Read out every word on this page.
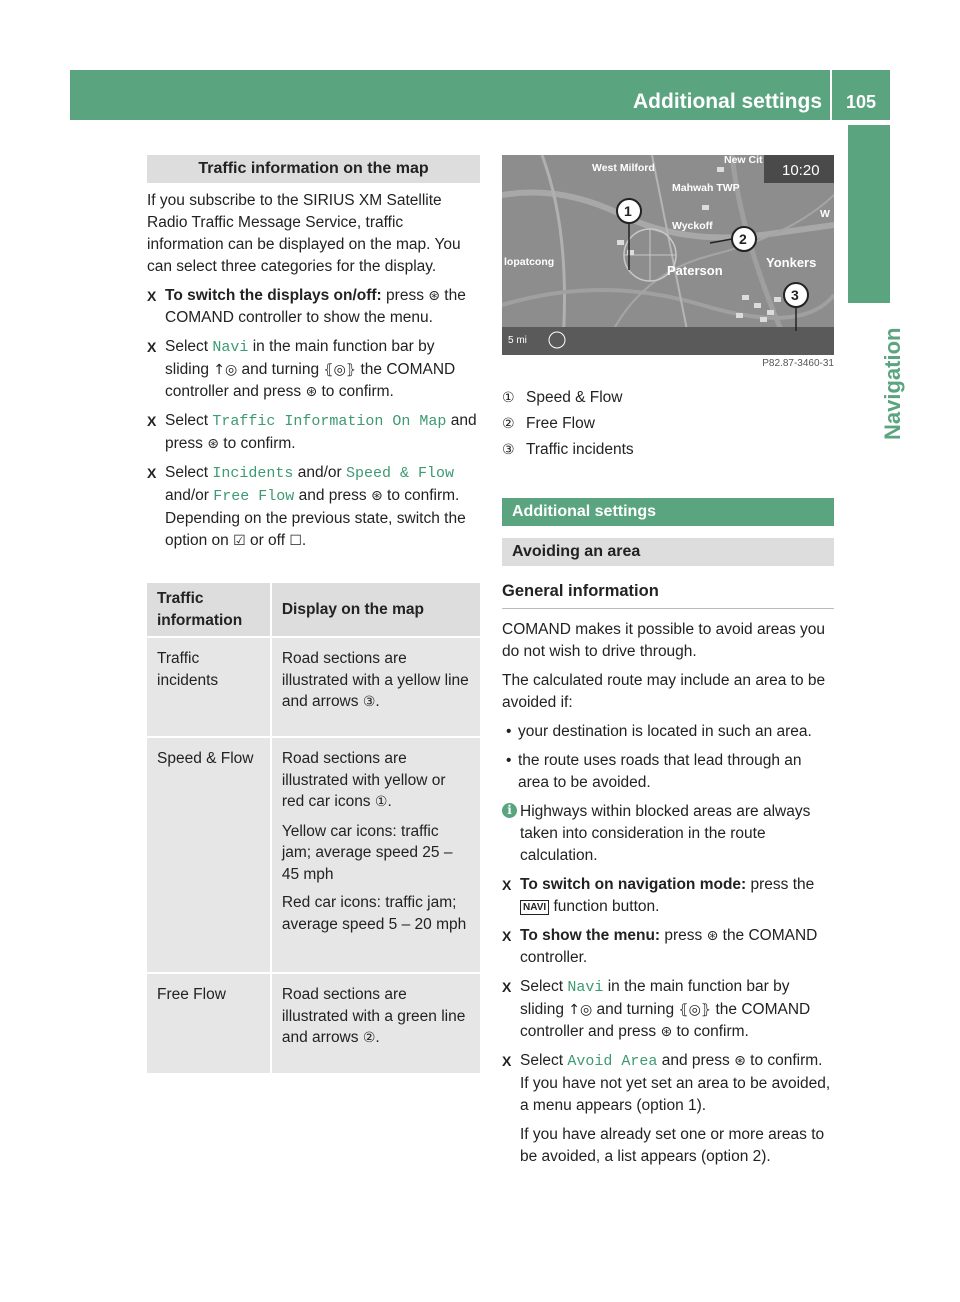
Additional settings	105
Navigation
Traffic information on the map

If you subscribe to the SIRIUS XM Satellite Radio Traffic Message Service, traffic information can be displayed on the map. You can select three categories for the display.

X To switch the displays on/off: press ⊛ the COMAND controller to show the menu.
X Select Navi in the main function bar by sliding ↑◎ and turning ⦃◎⦄ the COMAND controller and press ⊛ to confirm.
X Select Traffic Information On Map and press ⊛ to confirm.
X Select Incidents and/or Speed & Flow and/or Free Flow and press ⊛ to confirm.
Depending on the previous state, switch the option on ☑ or off ☐.
Traffic information	Display on the map
Traffic incidents	Road sections are illustrated with a yellow line and arrows ③.
Speed & Flow	Road sections are illustrated with yellow or red car icons ①.

Yellow car icons: traffic jam; average speed 25 – 45 mph

Red car icons: traffic jam; average speed 5 – 20 mph

Free Flow	Road sections are illustrated with a green line and arrows ②.
10:20
5 mi
West Milford
New Cit
Mahwah TWP
Wyckoff
W
lopatcong
Paterson
Yonkers
1
2
3
P82.87-3460-31
① Speed & Flow
② Free Flow
③ Traffic incidents
Additional settings
Avoiding an area
General information

COMAND makes it possible to avoid areas you do not wish to drive through.

The calculated route may include an area to be avoided if:

• your destination is located in such an area.
• the route uses roads that lead through an area to be avoided.
i Highways within blocked areas are always taken into consideration in the route calculation.
X To switch on navigation mode: press the NAVI function button.
X To show the menu: press ⊛ the COMAND controller.
X Select Navi in the main function bar by sliding ↑◎ and turning ⦃◎⦄ the COMAND controller and press ⊛ to confirm.
X Select Avoid Area and press ⊛ to confirm.
If you have not yet set an area to be avoided, a menu appears (option 1).

If you have already set one or more areas to be avoided, a list appears (option 2).
